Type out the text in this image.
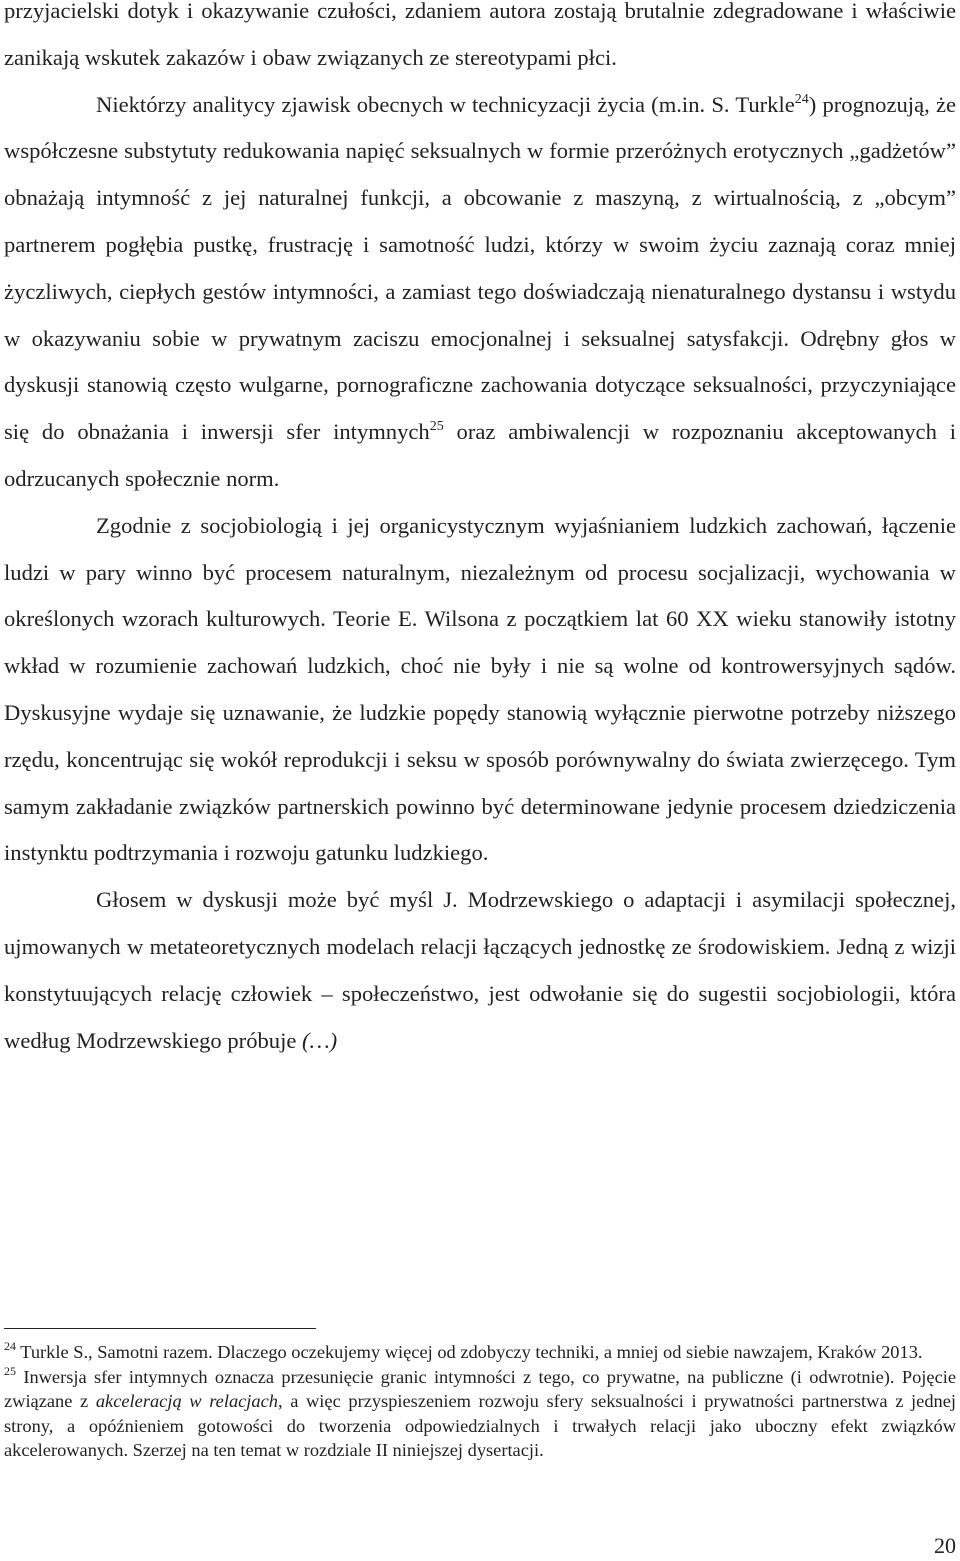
przyjacielski dotyk i okazywanie czułości, zdaniem autora zostają brutalnie zdegradowane i właściwie zanikają wskutek zakazów i obaw związanych ze stereotypami płci.

Niektórzy analitycy zjawisk obecnych w technicyzacji życia (m.in. S. Turkle$^{24}$) prognozują, że współczesne substytuty redukowania napięć seksualnych w formie przeróżnych erotycznych „gadżetów” obnażają intymność z jej naturalnej funkcji, a obcowanie z maszyną, z wirtualnością, z „obcym” partnerem pogłębia pustkę, frustrację i samotność ludzi, którzy w swoim życiu zaznają coraz mniej życzliwych, ciepłych gestów intymności, a zamiast tego doświadczają nienaturalnego dystansu i wstydu w okazywaniu sobie w prywatnym zaciszu emocjonalnej i seksualnej satysfakcji. Odrębny głos w dyskusji stanowią często wulgarne, pornograficzne zachowania dotyczące seksualności, przyczyniające się do obnażania i inwersji sfer intymnych$^{25}$ oraz ambiwalencji w rozpoznaniu akceptowanych i odrzucanych społecznie norm.

Zgodnie z socjobiologią i jej organicystycznym wyjaśnianiem ludzkich zachowań, łączenie ludzi w pary winno być procesem naturalnym, niezależnym od procesu socjalizacji, wychowania w określonych wzorach kulturowych. Teorie E. Wilsona z początkiem lat 60 XX wieku stanowiły istotny wkład w rozumienie zachowań ludzkich, choć nie były i nie są wolne od kontrowersyjnych sądów. Dyskusyjne wydaje się uznawanie, że ludzkie popędy stanowią wyłącznie pierwotne potrzeby niższego rzędu, koncentrując się wokół reprodukcji i seksu w sposób porównywalny do świata zwierzęcego. Tym samym zakładanie związków partnerskich powinno być determinowane jedynie procesem dziedziczenia instynktu podtrzymania i rozwoju gatunku ludzkiego.

Głosem w dyskusji może być myśl J. Modrzewskiego o adaptacji i asymilacji społecznej, ujmowanych w metateoretycznych modelach relacji łączących jednostkę ze środowiskiem. Jedną z wizji konstytuujących relację człowiek – społeczeństwo, jest odwołanie się do sugestii socjobiologii, która według Modrzewskiego próbuje (…)

$^{24}$ Turkle S., Samotni razem. Dlaczego oczekujemy więcej od zdobyczy techniki, a mniej od siebie nawzajem, Kraków 2013.

$^{25}$ Inwersja sfer intymnych oznacza przesunięcie granic intymności z tego, co prywatne, na publiczne (i odwrotnie). Pojęcie związane z akceleracją w relacjach, a więc przyspieszeniem rozwoju sfery seksualności i prywatności partnerstwa z jednej strony, a opóźnieniem gotowości do tworzenia odpowiedzialnych i trwałych relacji jako uboczny efekt związków akcelerowanych. Szerzej na ten temat w rozdziale II niniejszej dysertacji.

20
